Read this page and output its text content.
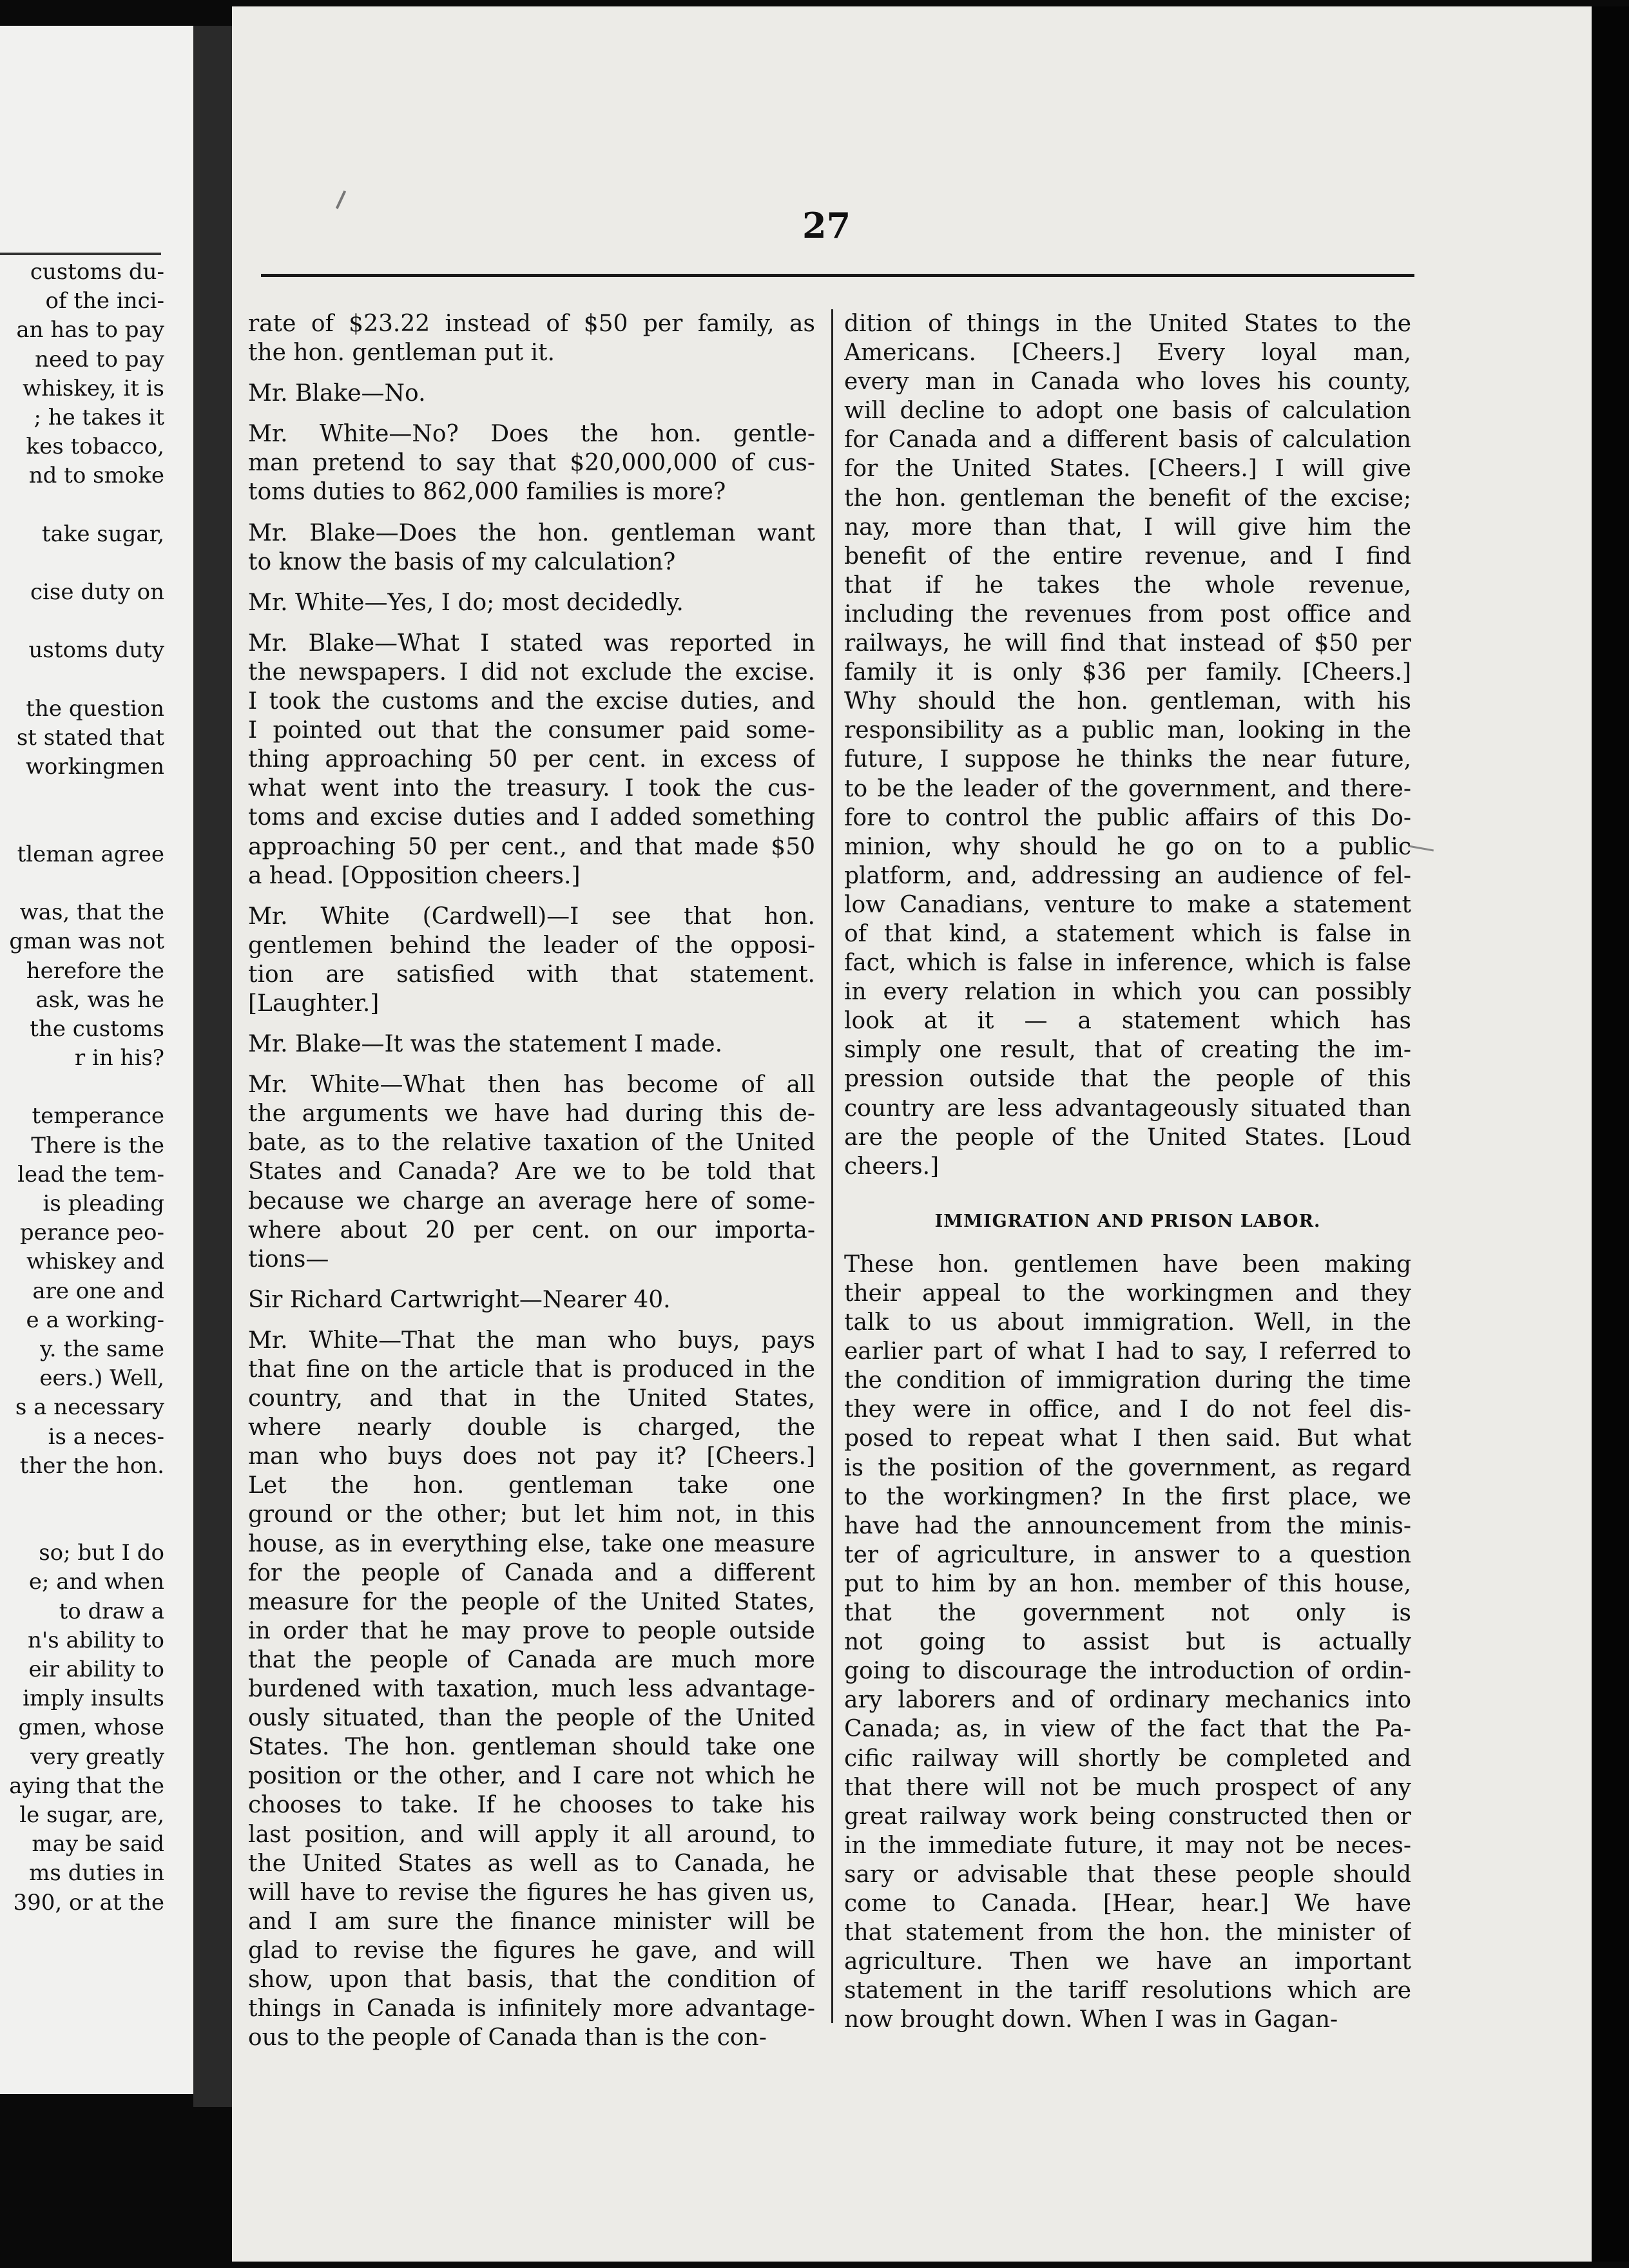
customs du-
of the inci-
an has to pay
need to pay
whiskey, it is
; he takes it
kes tobacco,
nd to smoke
take sugar,
cise duty on
ustoms duty
the question
st stated that
workingmen
tleman agree
was, that the
gman was not
herefore the
ask, was he
the customs
r in his?
temperance
There is the
lead the tem-
is pleading
perance peo-
whiskey and
are one and
e a working-
y. the same
eers.) Well,
s a necessary
is a neces-
ther the hon.
so; but I do
e; and when
to draw a
n's ability to
eir ability to
imply insults
gmen, whose
very greatly
aying that the
le sugar, are,
may be said
ms duties in
390, or at the
27
rate of $23.22 instead of $50 per family, as
the hon. gentleman put it.
Mr. Blake—No.
Mr. White—No? Does the hon. gentle-
man pretend to say that $20,000,000 of cus-
toms duties to 862,000 families is more?
Mr. Blake—Does the hon. gentleman want
to know the basis of my calculation?
Mr. White—Yes, I do; most decidedly.
Mr. Blake—What I stated was reported in
the newspapers. I did not exclude the excise.
I took the customs and the excise duties, and
I pointed out that the consumer paid some-
thing approaching 50 per cent. in excess of
what went into the treasury. I took the cus-
toms and excise duties and I added something
approaching 50 per cent., and that made $50
a head. [Opposition cheers.]
Mr. White (Cardwell)—I see that hon.
gentlemen behind the leader of the opposi-
tion are satisfied with that statement.
[Laughter.]
Mr. Blake—It was the statement I made.
Mr. White—What then has become of all
the arguments we have had during this de-
bate, as to the relative taxation of the United
States and Canada? Are we to be told that
because we charge an average here of some-
where about 20 per cent. on our importa-
tions—
Sir Richard Cartwright—Nearer 40.
Mr. White—That the man who buys, pays
that fine on the article that is produced in the
country, and that in the United States,
where nearly double is charged, the
man who buys does not pay it? [Cheers.]
Let the hon. gentleman take one
ground or the other; but let him not, in this
house, as in everything else, take one measure
for the people of Canada and a different
measure for the people of the United States,
in order that he may prove to people outside
that the people of Canada are much more
burdened with taxation, much less advantage-
ously situated, than the people of the United
States. The hon. gentleman should take one
position or the other, and I care not which he
chooses to take. If he chooses to take his
last position, and will apply it all around, to
the United States as well as to Canada, he
will have to revise the figures he has given us,
and I am sure the finance minister will be
glad to revise the figures he gave, and will
show, upon that basis, that the condition of
things in Canada is infinitely more advantage-
ous to the people of Canada than is the con-
dition of things in the United States to the
Americans. [Cheers.] Every loyal man,
every man in Canada who loves his county,
will decline to adopt one basis of calculation
for Canada and a different basis of calculation
for the United States. [Cheers.] I will give
the hon. gentleman the benefit of the excise;
nay, more than that, I will give him the
benefit of the entire revenue, and I find
that if he takes the whole revenue,
including the revenues from post office and
railways, he will find that instead of $50 per
family it is only $36 per family. [Cheers.]
Why should the hon. gentleman, with his
responsibility as a public man, looking in the
future, I suppose he thinks the near future,
to be the leader of the government, and there-
fore to control the public affairs of this Do-
minion, why should he go on to a public
platform, and, addressing an audience of fel-
low Canadians, venture to make a statement
of that kind, a statement which is false in
fact, which is false in inference, which is false
in every relation in which you can possibly
look at it — a statement which has
simply one result, that of creating the im-
pression outside that the people of this
country are less advantageously situated than
are the people of the United States. [Loud
cheers.]
IMMIGRATION AND PRISON LABOR.
These hon. gentlemen have been making
their appeal to the workingmen and they
talk to us about immigration. Well, in the
earlier part of what I had to say, I referred to
the condition of immigration during the time
they were in office, and I do not feel dis-
posed to repeat what I then said. But what
is the position of the government, as regard
to the workingmen? In the first place, we
have had the announcement from the minis-
ter of agriculture, in answer to a question
put to him by an hon. member of this house,
that the government not only is
not going to assist but is actually
going to discourage the introduction of ordin-
ary laborers and of ordinary mechanics into
Canada; as, in view of the fact that the Pa-
cific railway will shortly be completed and
that there will not be much prospect of any
great railway work being constructed then or
in the immediate future, it may not be neces-
sary or advisable that these people should
come to Canada. [Hear, hear.] We have
that statement from the hon. the minister of
agriculture. Then we have an important
statement in the tariff resolutions which are
now brought down. When I was in Gagan-
